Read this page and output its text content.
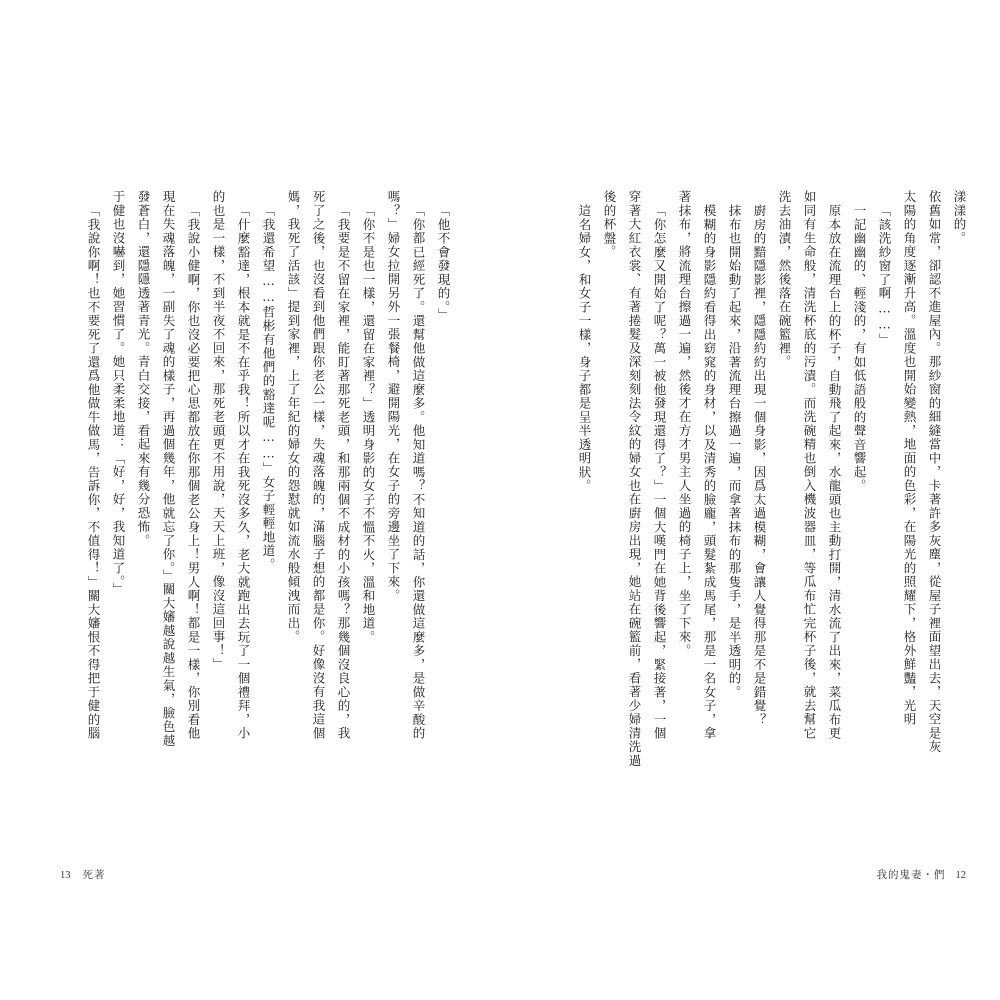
漾漾的。
依舊如常，卻認不進屋內。那紗窗的細縫當中，卡著許多灰塵，從屋子裡面望出去，天空是灰
太陽的角度逐漸升高。溫度也開始變熱，地面的色彩，在陽光的照耀下，格外鮮豔，光明
「該洗紗窗了啊……」
一記幽幽的、輕淺的，有如低語般的聲音響起。
原本放在流理台上的杯子，自動飛了起來，水龍頭也主動打開，清水流了出來，菜瓜布更
如同有生命般，清洗杯底的污漬。而洗碗精也倒入機波器皿，等瓜布忙完杯子後，就去幫它
洗去油漬，然後落在碗籃裡。
廚房的黯隱影裡，隱隱約約出現一個身影，因爲太過模糊，會讓人覺得那是不是錯覺？
抹布也開始動了起來，沿著流理台擦過一遍，而拿著抹布的那隻手，是半透明的。
模糊的身影隱約看得出窈窕的身材，以及清秀的臉龐，頭髮紮成馬尾，那是一名女子，拿
著抹布，將流理台擦過一遍，然後才在方才男主人坐過的椅子上，坐了下來。
「你怎麼又開始了呢？萬一被他發現還得了？」一個大嘆門在她背後響起，緊接著，一個
穿著大紅衣裳、有著捲髮及深刻刻法令紋的婦女也在廚房出現，她站在碗籃前，看著少婦清洗過
後的杯盤。
這名婦女，和女子一樣，身子都是呈半透明狀。
我的鬼妻・們 12
「他不會發現的。」
「你都已經死了。還幫他做這麼多。他知道嗎？不知道的話，你還做這麼多，是做辛酸的
嗎？」婦女拉開另外一張餐椅，避開陽光，在女子的旁邊坐了下來。
「你不是也一樣，還留在家裡？」透明身影的女子不慍不火，溫和地道。
「我要是不留在家裡，能盯著那死老頭，和那兩個不成材的小孩嗎？那幾個沒良心的，我
死了之後，也沒看到他們跟你老公一樣，失魂落魄的，滿腦子想的都是你。好像沒有我這個
媽，我死了活該」提到家裡，上了年紀的婦女的怨懟就如流水般傾洩而出。
「我還希望……哲彬有他們的豁達呢……」女子輕輕地道。
「什麼豁達，根本就是不在乎我！所以才在我死沒多久，老大就跑出去玩了一個禮拜，小
的也是一樣，不到半夜不回來，那死老頭更不用說，天天上班，像沒這回事！」
「我說小健啊，你也沒必要把心思都放在你那個老公身上！男人啊！都是一樣，你別看他
現在失魂落魄，一副失了魂的樣子，再過個幾年，他就忘了你。」關大嬸越說越生氣，臉色越
發蒼白，還隱隱透著青光。青白交接，看起來有幾分恐怖。
于健也沒嚇到，她習慣了。她只柔柔地道：「好，好，我知道了。」
「我說你啊！也不要死了還爲他做牛做馬，告訴你，不值得！」關大嬸恨不得把于健的腦
13 死著
